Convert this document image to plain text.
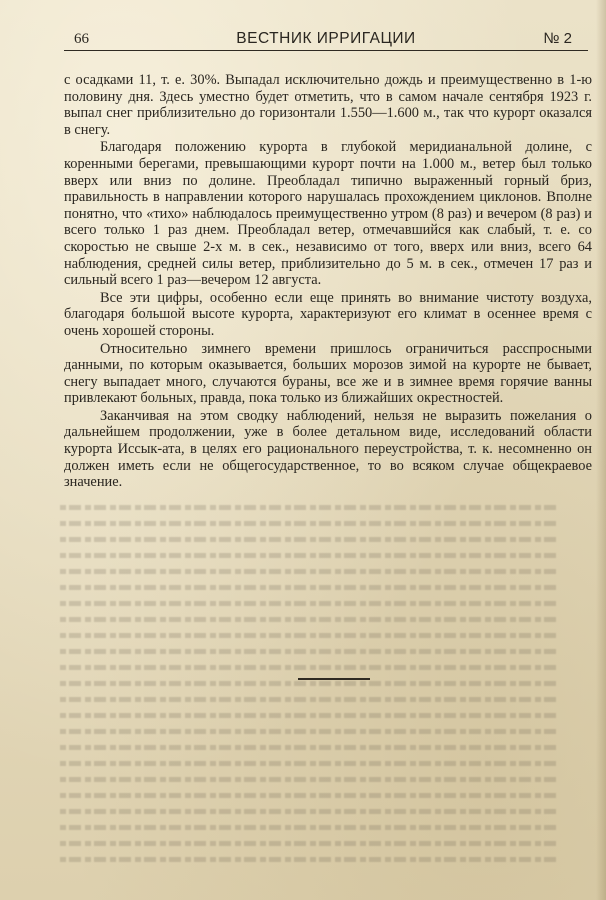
66	ВЕСТНИК ИРРИГАЦИИ	№ 2

с осадками 11, т. е. 30%. Выпадал исключительно дождь и преимущественно в 1-ю половину дня. Здесь уместно будет отметить, что в самом начале сентября 1923 г. выпал снег приблизительно до горизонтали 1.550—1.600 м., так что курорт оказался в снегу.

Благодаря положению курорта в глубокой меридианальной долине, с коренными берегами, превышающими курорт почти на 1.000 м., ветер был только вверх или вниз по долине. Преобладал типично выраженный горный бриз, правильность в направлении которого нарушалась прохождением циклонов. Вполне понятно, что «тихо» наблюдалось преимущественно утром (8 раз) и вечером (8 раз) и всего только 1 раз днем. Преобладал ветер, отмечавшийся как слабый, т. е. со скоростью не свыше 2-х м. в сек., независимо от того, вверх или вниз, всего 64 наблюдения, средней силы ветер, приблизительно до 5 м. в сек., отмечен 17 раз и сильный всего 1 раз—вечером 12 августа.

Все эти цифры, особенно если еще принять во внимание чистоту воздуха, благодаря большой высоте курорта, характеризуют его климат в осеннее время с очень хорошей стороны.

Относительно зимнего времени пришлось ограничиться расспросными данными, по которым оказывается, больших морозов зимой на курорте не бывает, снегу выпадает много, случаются бураны, все же и в зимнее время горячие ванны привлекают больных, правда, пока только из ближайших окрестностей.

Заканчивая на этом сводку наблюдений, нельзя не выразить пожелания о дальнейшем продолжении, уже в более детальном виде, исследований области курорта Иссык-ата, в целях его рационального переустройства, т. к. несомненно он должен иметь если не общегосударственное, то во всяком случае общекраевое значение.
